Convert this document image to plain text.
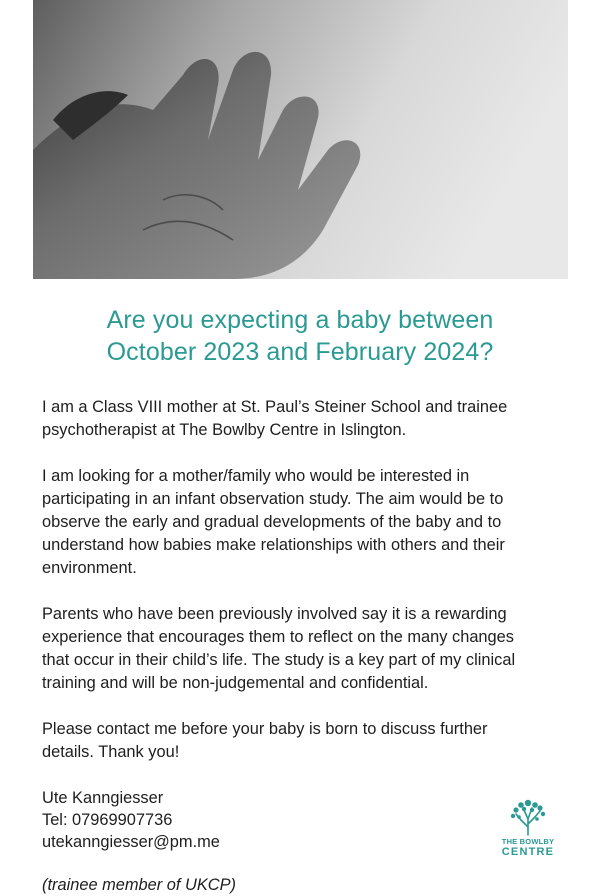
Are you expecting a baby between
October 2023 and February 2024?
I am a Class VIII mother at St. Paul’s Steiner School and trainee
psychotherapist at The Bowlby Centre in Islington.
I am looking for a mother/family who would be interested in
participating in an infant observation study. The aim would be to
observe the early and gradual developments of the baby and to
understand how babies make relationships with others and their
environment.
Parents who have been previously involved say it is a rewarding
experience that encourages them to reflect on the many changes
that occur in their child’s life. The study is a key part of my clinical
training and will be non-judgemental and confidential.
Please contact me before your baby is born to discuss further
details. Thank you!
Ute Kanngiesser
Tel: 07969907736
utekanngiesser@pm.me
(trainee member of UKCP)
THE BOWLBY
CENTRE
